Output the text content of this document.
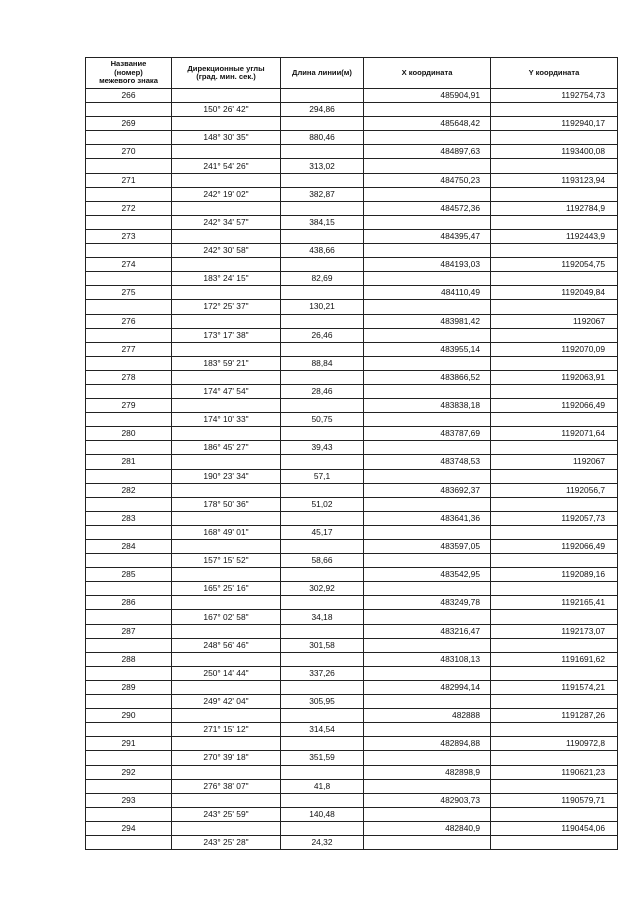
Название
(номер)
межевого знака	Дирекционные углы
(град. мин. сек.)	Длина линии(м)	X координата	Y координата
266			485904,91	1192754,73
	150° 26' 42"	294,86		
269			485648,42	1192940,17
	148° 30' 35"	880,46		
270			484897,63	1193400,08
	241° 54' 26"	313,02		
271			484750,23	1193123,94
	242° 19' 02"	382,87		
272			484572,36	1192784,9
	242° 34' 57"	384,15		
273			484395,47	1192443,9
	242° 30' 58"	438,66		
274			484193,03	1192054,75
	183° 24' 15"	82,69		
275			484110,49	1192049,84
	172° 25' 37"	130,21		
276			483981,42	1192067
	173° 17' 38"	26,46		
277			483955,14	1192070,09
	183° 59' 21"	88,84		
278			483866,52	1192063,91
	174° 47' 54"	28,46		
279			483838,18	1192066,49
	174° 10' 33"	50,75		
280			483787,69	1192071,64
	186° 45' 27"	39,43		
281			483748,53	1192067
	190° 23' 34"	57,1		
282			483692,37	1192056,7
	178° 50' 36"	51,02		
283			483641,36	1192057,73
	168° 49' 01"	45,17		
284			483597,05	1192066,49
	157° 15' 52"	58,66		
285			483542,95	1192089,16
	165° 25' 16"	302,92		
286			483249,78	1192165,41
	167° 02' 58"	34,18		
287			483216,47	1192173,07
	248° 56' 46"	301,58		
288			483108,13	1191691,62
	250° 14' 44"	337,26		
289			482994,14	1191574,21
	249° 42' 04"	305,95		
290			482888	1191287,26
	271° 15' 12"	314,54		
291			482894,88	1190972,8
	270° 39' 18"	351,59		
292			482898,9	1190621,23
	276° 38' 07"	41,8		
293			482903,73	1190579,71
	243° 25' 59"	140,48		
294			482840,9	1190454,06
	243° 25' 28"	24,32		
